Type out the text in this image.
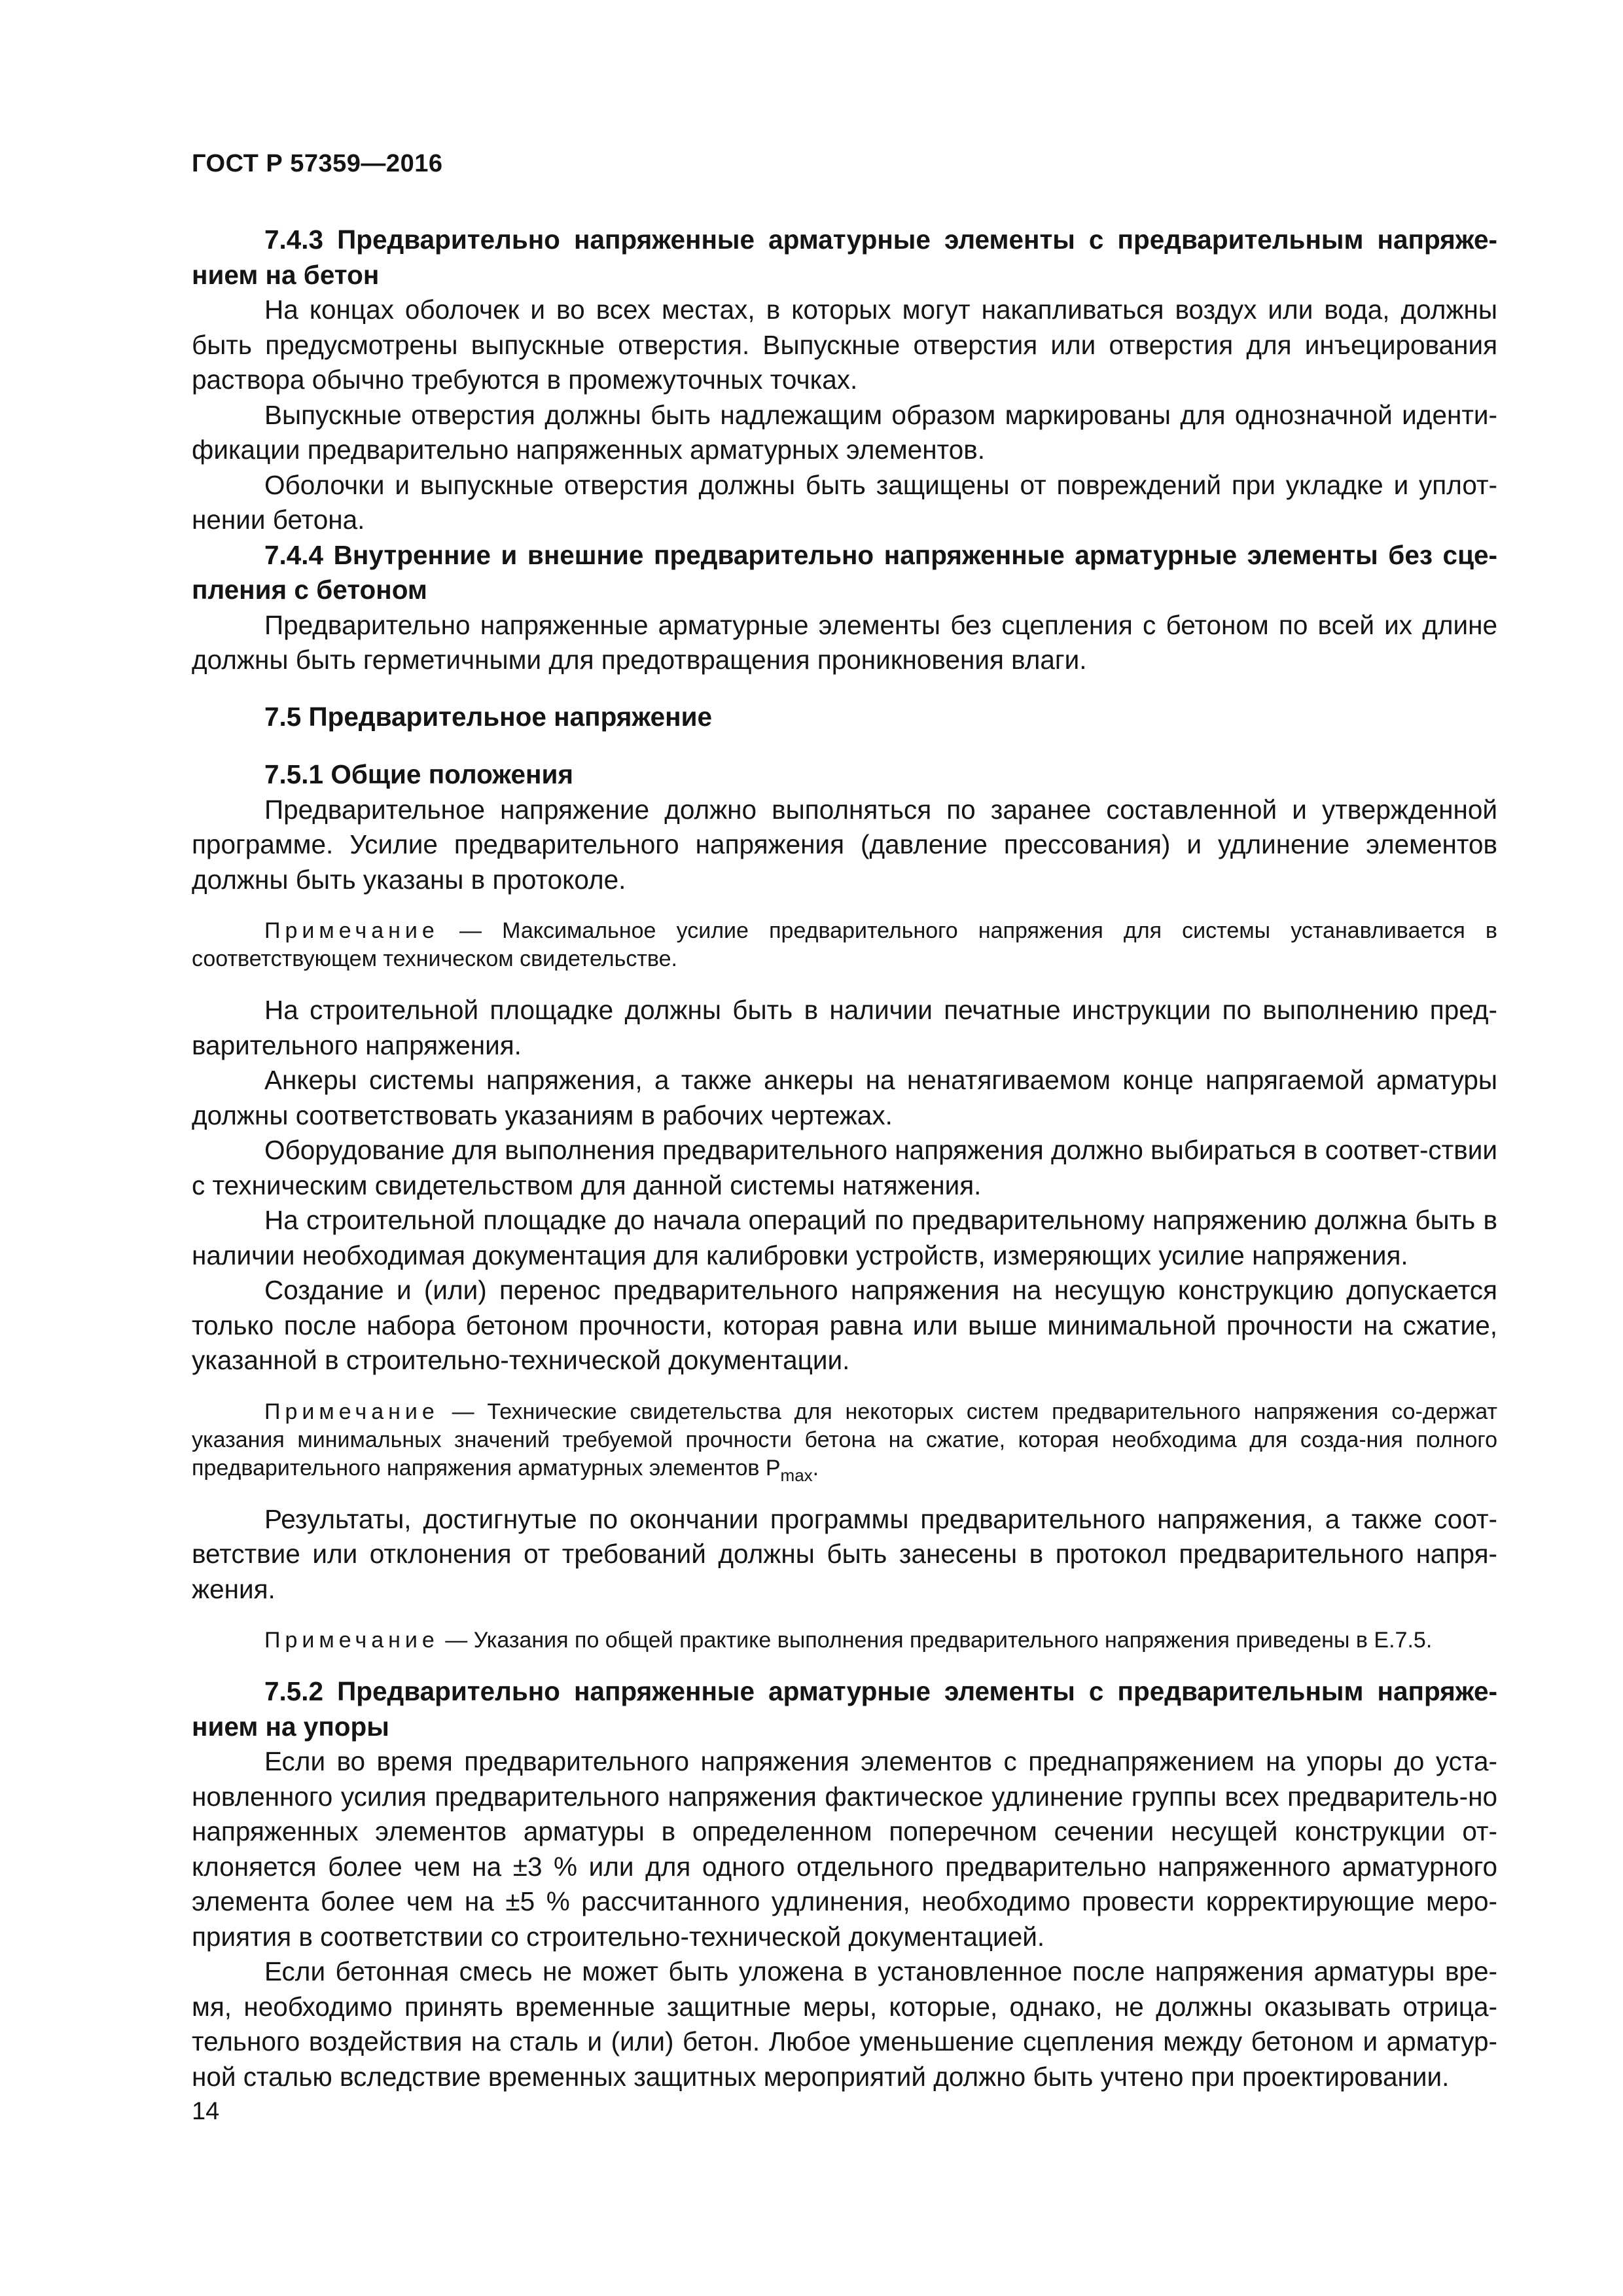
ГОСТ Р 57359—2016

7.4.3 Предварительно напряженные арматурные элементы с предварительным напряже-нием на бетон

На концах оболочек и во всех местах, в которых могут накапливаться воздух или вода, должны быть предусмотрены выпускные отверстия. Выпускные отверстия или отверстия для инъецирования раствора обычно требуются в промежуточных точках.

Выпускные отверстия должны быть надлежащим образом маркированы для однозначной иденти-фикации предварительно напряженных арматурных элементов.

Оболочки и выпускные отверстия должны быть защищены от повреждений при укладке и уплот-нении бетона.

7.4.4 Внутренние и внешние предварительно напряженные арматурные элементы без сце-пления с бетоном

Предварительно напряженные арматурные элементы без сцепления с бетоном по всей их длине должны быть герметичными для предотвращения проникновения влаги.

7.5 Предварительное напряжение

7.5.1 Общие положения

Предварительное напряжение должно выполняться по заранее составленной и утвержденной программе. Усилие предварительного напряжения (давление прессования) и удлинение элементов должны быть указаны в протоколе.

Примечание — Максимальное усилие предварительного напряжения для системы устанавливается в соответствующем техническом свидетельстве.

На строительной площадке должны быть в наличии печатные инструкции по выполнению пред-варительного напряжения.

Анкеры системы напряжения, а также анкеры на ненатягиваемом конце напрягаемой арматуры должны соответствовать указаниям в рабочих чертежах.

Оборудование для выполнения предварительного напряжения должно выбираться в соответ-ствии с техническим свидетельством для данной системы натяжения.

На строительной площадке до начала операций по предварительному напряжению должна быть в наличии необходимая документация для калибровки устройств, измеряющих усилие напряжения.

Создание и (или) перенос предварительного напряжения на несущую конструкцию допускается только после набора бетоном прочности, которая равна или выше минимальной прочности на сжатие, указанной в строительно-технической документации.

Примечание — Технические свидетельства для некоторых систем предварительного напряжения со-держат указания минимальных значений требуемой прочности бетона на сжатие, которая необходима для созда-ния полного предварительного напряжения арматурных элементов $P_{max}$.

Результаты, достигнутые по окончании программы предварительного напряжения, а также соот-ветствие или отклонения от требований должны быть занесены в протокол предварительного напря-жения.

Примечание — Указания по общей практике выполнения предварительного напряжения приведены в Е.7.5.

7.5.2 Предварительно напряженные арматурные элементы с предварительным напряже-нием на упоры

Если во время предварительного напряжения элементов с преднапряжением на упоры до уста-новленного усилия предварительного напряжения фактическое удлинение группы всех предваритель-но напряженных элементов арматуры в определенном поперечном сечении несущей конструкции от-клоняется более чем на ±3 % или для одного отдельного предварительно напряженного арматурного элемента более чем на ±5 % рассчитанного удлинения, необходимо провести корректирующие меро-приятия в соответствии со строительно-технической документацией.

Если бетонная смесь не может быть уложена в установленное после напряжения арматуры вре-мя, необходимо принять временные защитные меры, которые, однако, не должны оказывать отрица-тельного воздействия на сталь и (или) бетон. Любое уменьшение сцепления между бетоном и арматур-ной сталью вследствие временных защитных мероприятий должно быть учтено при проектировании.

14
